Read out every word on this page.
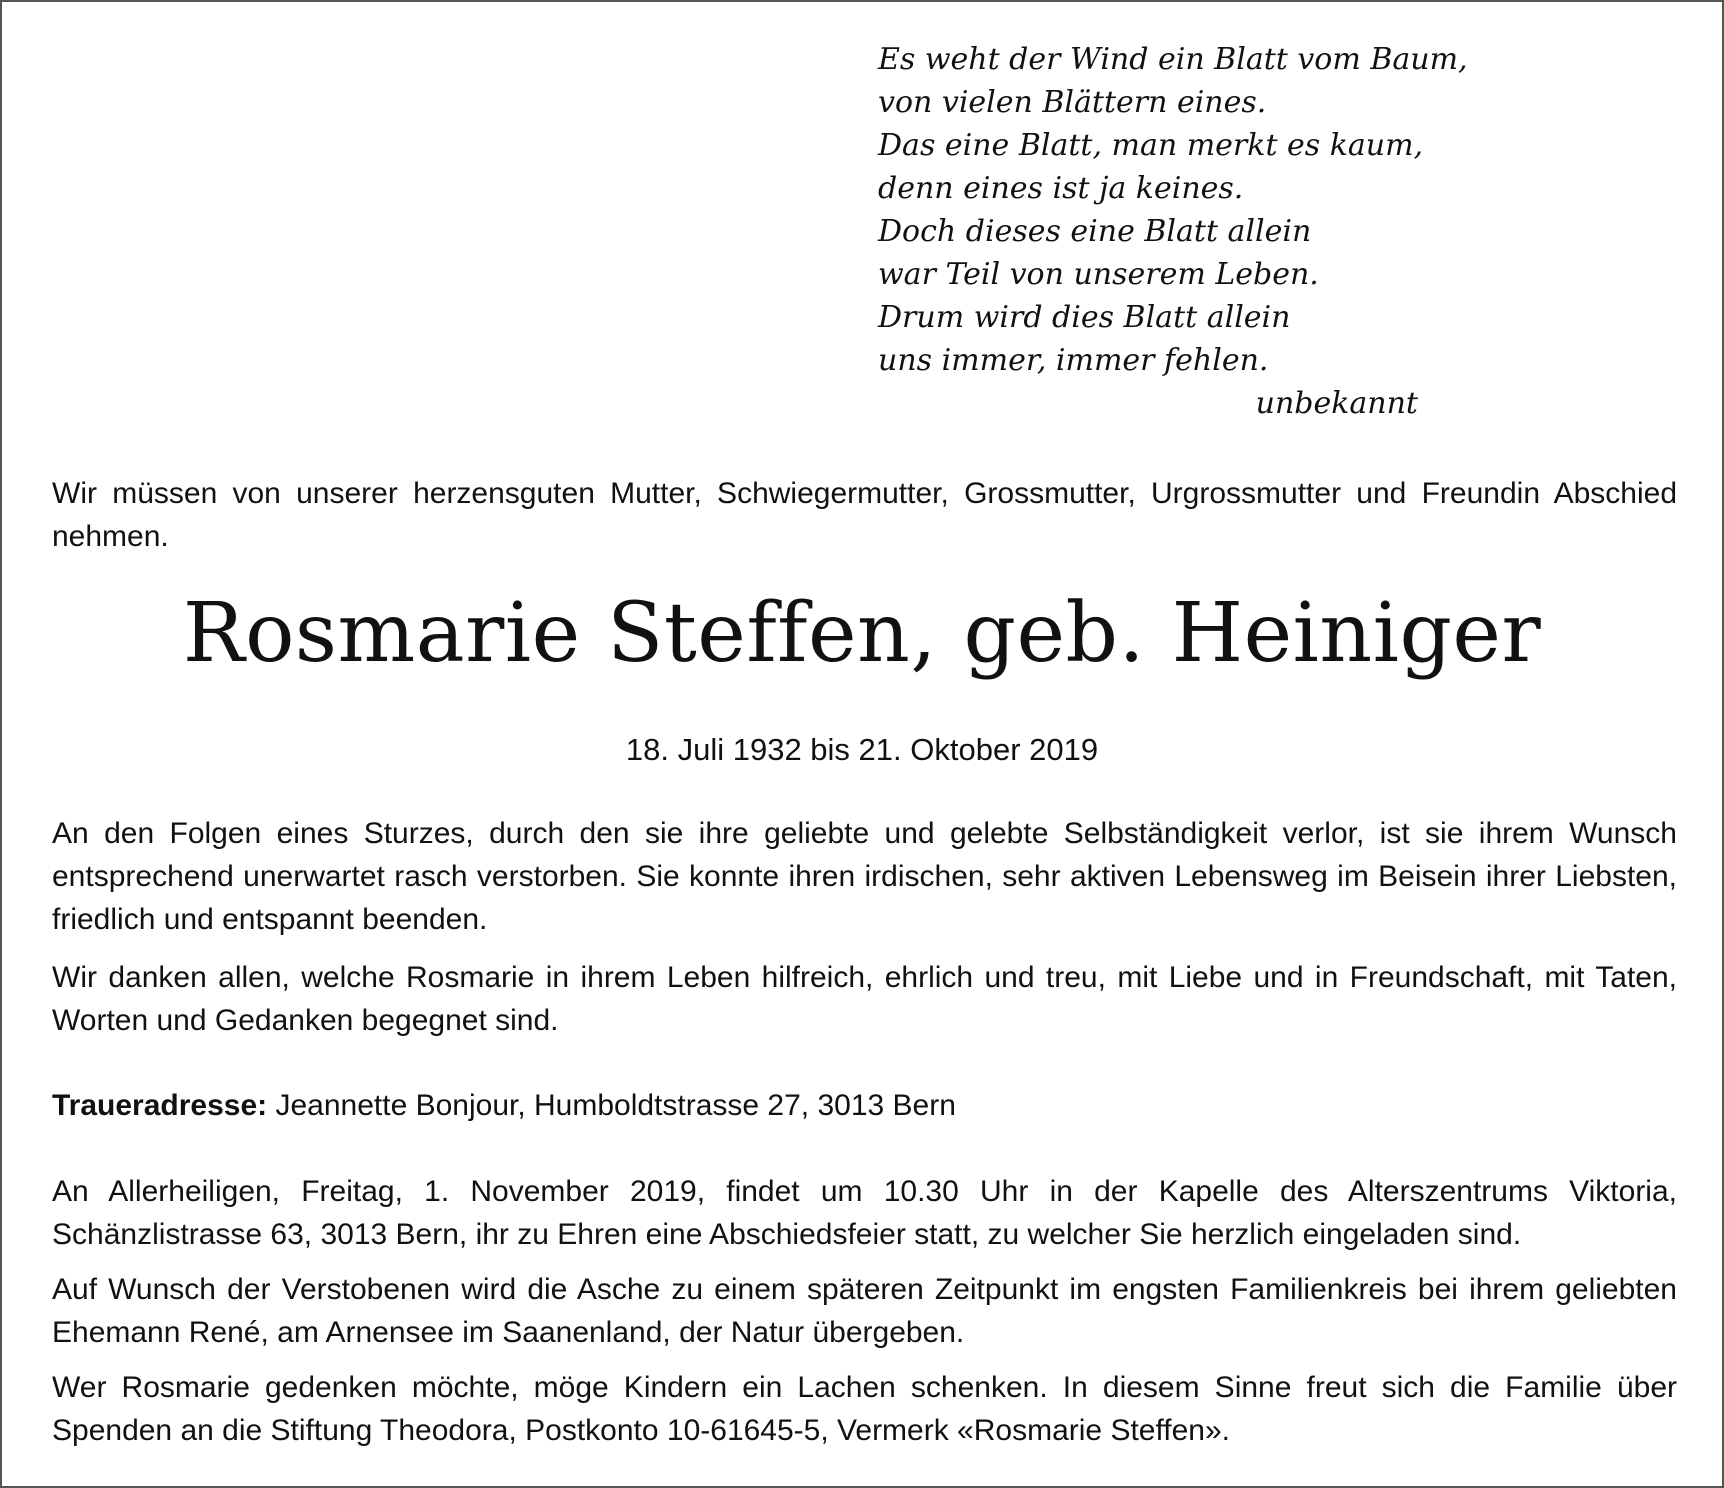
Es weht der Wind ein Blatt vom Baum,
von vielen Blättern eines.
Das eine Blatt, man merkt es kaum,
denn eines ist ja keines.
Doch dieses eine Blatt allein
war Teil von unserem Leben.
Drum wird dies Blatt allein
uns immer, immer fehlen.
unbekannt
Wir müssen von unserer herzensguten Mutter, Schwiegermutter, Grossmutter, Urgrossmutter und Freundin Abschied nehmen.
Rosmarie Steffen, geb. Heiniger
18. Juli 1932 bis 21. Oktober 2019
An den Folgen eines Sturzes, durch den sie ihre geliebte und gelebte Selbständigkeit verlor, ist sie ihrem Wunsch entsprechend unerwartet rasch verstorben. Sie konnte ihren irdischen, sehr aktiven Lebensweg im Beisein ihrer Liebsten, friedlich und entspannt beenden.
Wir danken allen, welche Rosmarie in ihrem Leben hilfreich, ehrlich und treu, mit Liebe und in Freundschaft, mit Taten, Worten und Gedanken begegnet sind.
Traueradresse: Jeannette Bonjour, Humboldtstrasse 27, 3013 Bern
An Allerheiligen, Freitag, 1. November 2019, findet um 10.30 Uhr in der Kapelle des Alterszentrums Viktoria, Schänzlistrasse 63, 3013 Bern, ihr zu Ehren eine Abschiedsfeier statt, zu welcher Sie herzlich eingeladen sind.
Auf Wunsch der Verstobenen wird die Asche zu einem späteren Zeitpunkt im engsten Familienkreis bei ihrem geliebten Ehemann René, am Arnensee im Saanenland, der Natur übergeben.
Wer Rosmarie gedenken möchte, möge Kindern ein Lachen schenken. In diesem Sinne freut sich die Familie über Spenden an die Stiftung Theodora, Postkonto 10-61645-5, Vermerk «Rosmarie Steffen».
